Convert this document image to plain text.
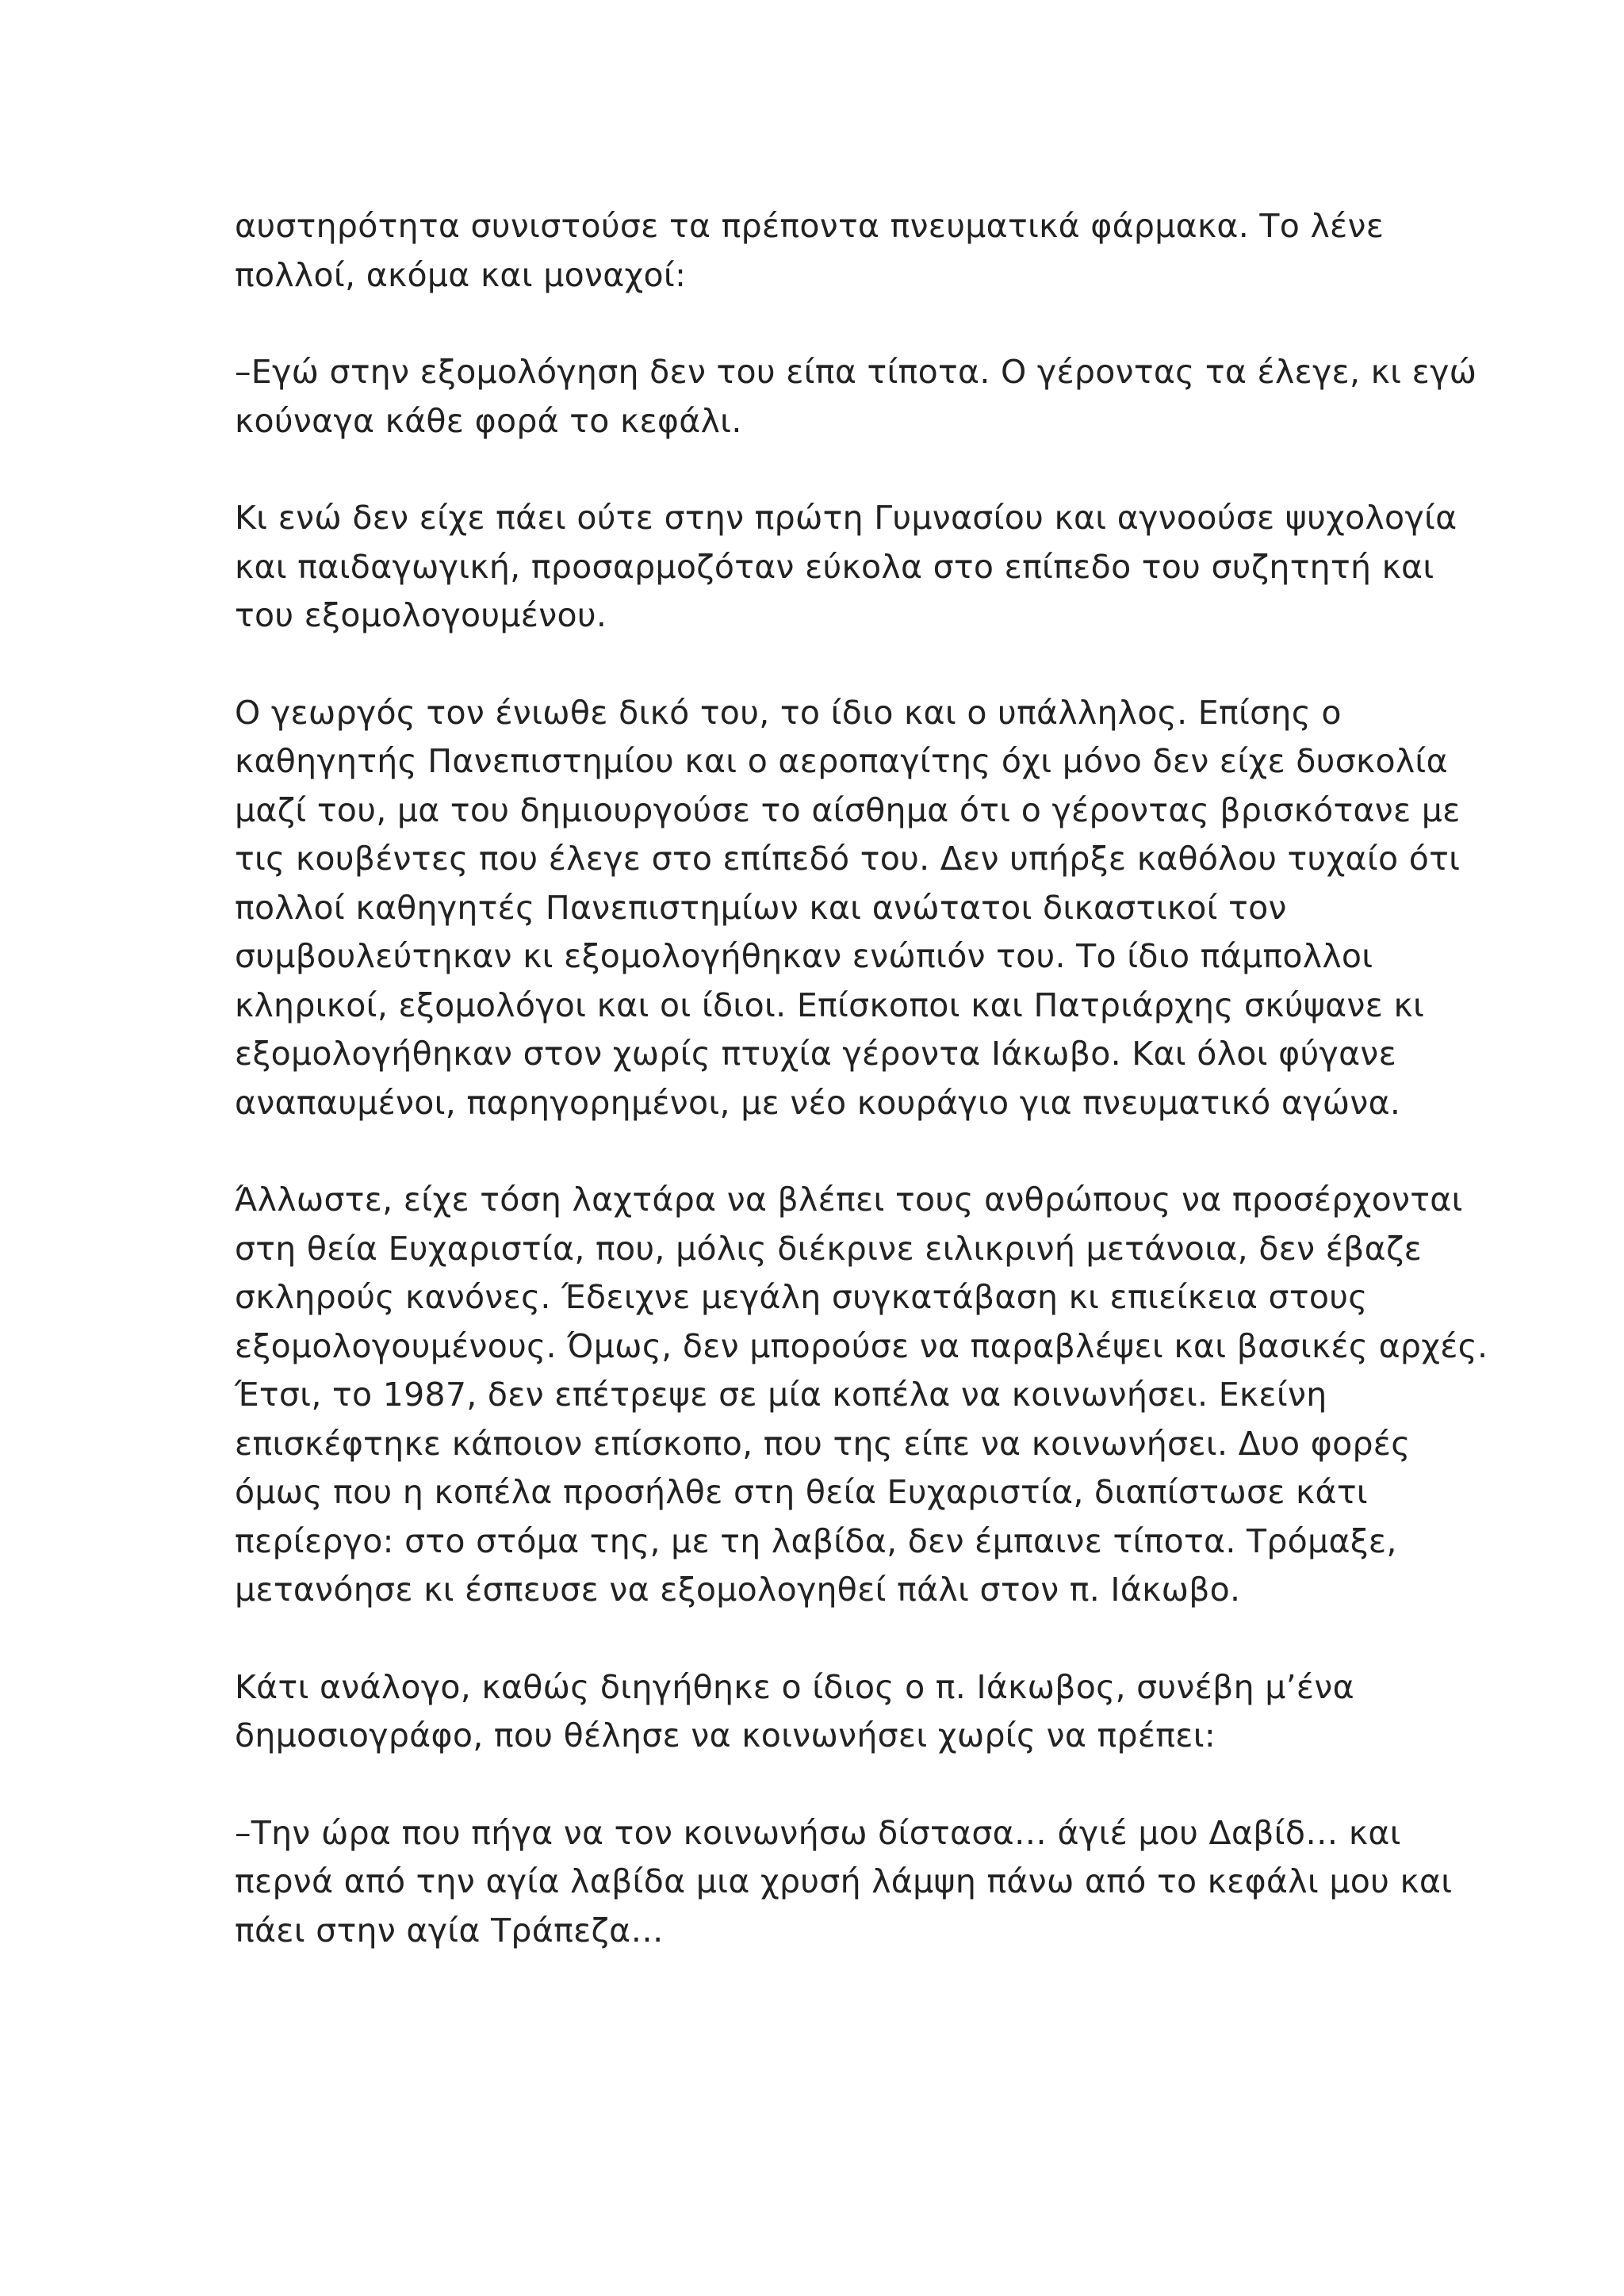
αυστηρότητα συνιστούσε τα πρέποντα πνευματικά φάρμακα. Το λένε πολλοί, ακόμα και μοναχοί:

–Εγώ στην εξομολόγηση δεν του είπα τίποτα. Ο γέροντας τα έλεγε, κι εγώ κούναγα κάθε φορά το κεφάλι.

Κι ενώ δεν είχε πάει ούτε στην πρώτη Γυμνασίου και αγνοούσε ψυχολογία και παιδαγωγική, προσαρμοζόταν εύκολα στο επίπεδο του συζητητή και του εξομολογουμένου.

Ο γεωργός τον ένιωθε δικό του, το ίδιο και ο υπάλληλος. Επίσης ο καθηγητής Πανεπιστημίου και ο αεροπαγίτης όχι μόνο δεν είχε δυσκολία μαζί του, μα του δημιουργούσε το αίσθημα ότι ο γέροντας βρισκότανε με τις κουβέντες που έλεγε στο επίπεδό του. Δεν υπήρξε καθόλου τυχαίο ότι πολλοί καθηγητές Πανεπιστημίων και ανώτατοι δικαστικοί τον συμβουλεύτηκαν κι εξομολογήθηκαν ενώπιόν του. Το ίδιο πάμπολλοι κληρικοί, εξομολόγοι και οι ίδιοι. Επίσκοποι και Πατριάρχης σκύψανε κι εξομολογήθηκαν στον χωρίς πτυχία γέροντα Ιάκωβο. Και όλοι φύγανε αναπαυμένοι, παρηγορημένοι, με νέο κουράγιο για πνευματικό αγώνα.

Άλλωστε, είχε τόση λαχτάρα να βλέπει τους ανθρώπους να προσέρχονται στη θεία Ευχαριστία, που, μόλις διέκρινε ειλικρινή μετάνοια, δεν έβαζε σκληρούς κανόνες. Έδειχνε μεγάλη συγκατάβαση κι επιείκεια στους εξομολογουμένους. Όμως, δεν μπορούσε να παραβλέψει και βασικές αρχές. Έτσι, το 1987, δεν επέτρεψε σε μία κοπέλα να κοινωνήσει. Εκείνη επισκέφτηκε κάποιον επίσκοπο, που της είπε να κοινωνήσει. Δυο φορές όμως που η κοπέλα προσήλθε στη θεία Ευχαριστία, διαπίστωσε κάτι περίεργο: στο στόμα της, με τη λαβίδα, δεν έμπαινε τίποτα. Τρόμαξε, μετανόησε κι έσπευσε να εξομολογηθεί πάλι στον π. Ιάκωβο.

Κάτι ανάλογο, καθώς διηγήθηκε ο ίδιος ο π. Ιάκωβος, συνέβη μ’ένα δημοσιογράφο, που θέλησε να κοινωνήσει χωρίς να πρέπει:

–Την ώρα που πήγα να τον κοινωνήσω δίστασα… άγιέ μου Δαβίδ… και περνά από την αγία λαβίδα μια χρυσή λάμψη πάνω από το κεφάλι μου και πάει στην αγία Τράπεζα…
